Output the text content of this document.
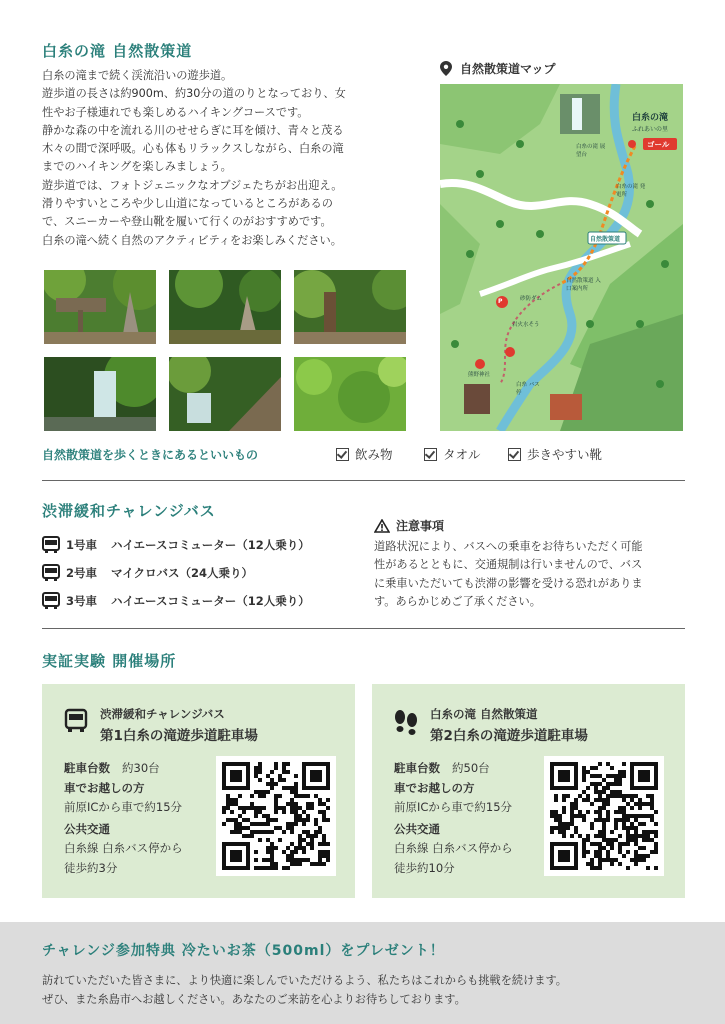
白糸の滝 自然散策道

白糸の滝まで続く渓流沿いの遊歩道。

遊歩道の長さは約900m、約30分の道のりとなっており、女

性やお子様連れでも楽しめるハイキングコースです。

静かな森の中を流れる川のせせらぎに耳を傾け、青々と茂る

木々の間で深呼吸。心も体もリラックスしながら、白糸の滝

までのハイキングを楽しみましょう。

遊歩道では、フォトジェニックなオブジェたちがお出迎え。

滑りやすいところや少し山道になっているところがあるの

で、スニーカーや登山靴を履いて行くのがおすすめです。

白糸の滝へ続く自然のアクティビティをお楽しみください。

自然散策道を歩くときにあるといいもの	飲み物	タオル	歩きやすい靴
自然散策道マップ
白糸の滝
ふれあいの里
ゴール
白糸の滝 展望台
白糸の滝 発電所
自然散策道
自然散策道 入口案内所
砂防ダム
P
岩火水そう
熊野神社
白糸 バス停
渋滞緩和チャレンジバス
1号車 ハイエースコミューター（12人乗り）
2号車 マイクロバス（24人乗り）
3号車 ハイエースコミューター（12人乗り）
注意事項
道路状況により、バスへの乗車をお待ちいただく可能
性があるとともに、交通規制は行いませんので、バス
に乗車いただいても渋滞の影響を受ける恐れがありま
す。あらかじめご了承ください。
実証実験 開催場所
渋滞緩和チャレンジバス
第1白糸の滝遊歩道駐車場
駐車台数 約30台
車でお越しの方
前原ICから車で約15分
公共交通
白糸線 白糸バス停から
徒歩約3分
白糸の滝 自然散策道
第2白糸の滝遊歩道駐車場
駐車台数 約50台
車でお越しの方
前原ICから車で約15分
公共交通
白糸線 白糸バス停から
徒歩約10分
チャレンジ参加特典 冷たいお茶（500ml）をプレゼント！
訪れていただいた皆さまに、より快適に楽しんでいただけるよう、私たちはこれからも挑戦を続けます。
ぜひ、また糸島市へお越しください。あなたのご来訪を心よりお待ちしております。
